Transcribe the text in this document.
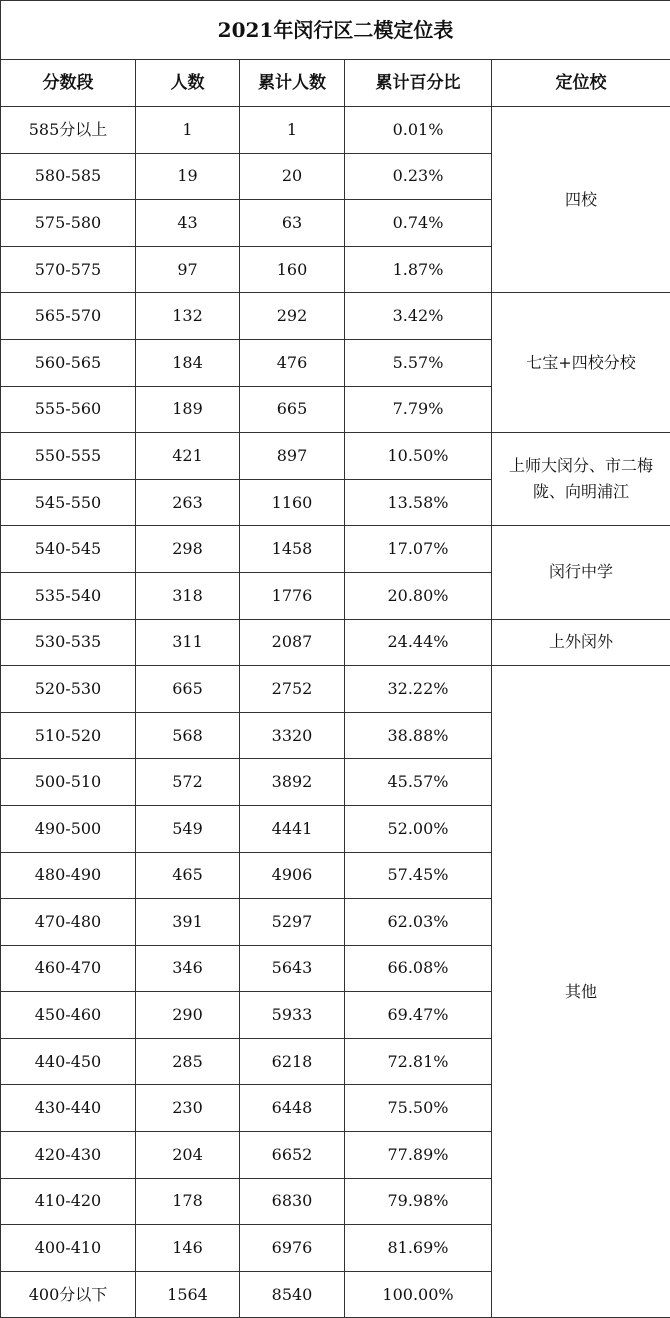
2021年闵行区二模定位表				
分数段	人数	累计人数	累计百分比	定位校
585分以上	1	1	0.01%	四校
580-585	19	20	0.23%	
575-580	43	63	0.74%	
570-575	97	160	1.87%	
565-570	132	292	3.42%	七宝+四校分校
560-565	184	476	5.57%	
555-560	189	665	7.79%	
550-555	421	897	10.50%	上师大闵分、市二梅陇、向明浦江
545-550	263	1160	13.58%	
540-545	298	1458	17.07%	闵行中学
535-540	318	1776	20.80%	
530-535	311	2087	24.44%	上外闵外
520-530	665	2752	32.22%	其他
510-520	568	3320	38.88%	
500-510	572	3892	45.57%	
490-500	549	4441	52.00%	
480-490	465	4906	57.45%	
470-480	391	5297	62.03%	
460-470	346	5643	66.08%	
450-460	290	5933	69.47%	
440-450	285	6218	72.81%	
430-440	230	6448	75.50%	
420-430	204	6652	77.89%	
410-420	178	6830	79.98%	
400-410	146	6976	81.69%	
400分以下	1564	8540	100.00%	
